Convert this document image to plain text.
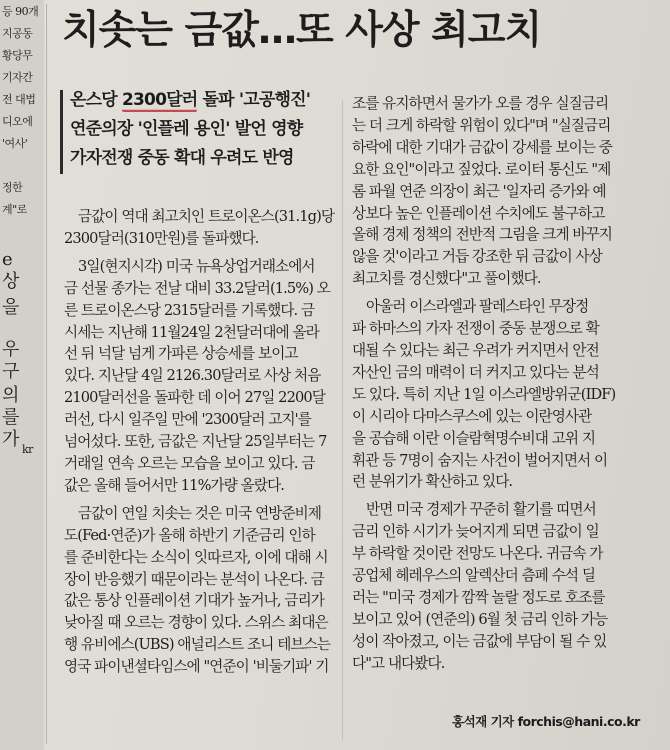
등 90개
지공동
황당무
기자간
전 대법
디오에
'여사'
정한
계"로
e
상
을
우
구
의
를
가 kr
치솟는 금값…또 사상 최고치
온스당 2300달러 돌파 '고공행진'
연준의장 '인플레 용인' 발언 영향
가자전쟁 중동 확대 우려도 반영
금값이 역대 최고치인 트로이온스(31.1g)당
2300달러(310만원)를 돌파했다.
3일(현지시각) 미국 뉴욕상업거래소에서
금 선물 종가는 전날 대비 33.2달러(1.5%) 오
른 트로이온스당 2315달러를 기록했다. 금
시세는 지난해 11월24일 2천달러대에 올라
선 뒤 넉달 넘게 가파른 상승세를 보이고
있다. 지난달 4일 2126.30달러로 사상 처음
2100달러선을 돌파한 데 이어 27일 2200달
러선, 다시 일주일 만에 '2300달러 고지'를
넘어섰다. 또한, 금값은 지난달 25일부터는 7
거래일 연속 오르는 모습을 보이고 있다. 금
값은 올해 들어서만 11%가량 올랐다.
금값이 연일 치솟는 것은 미국 연방준비제
도(Fed·연준)가 올해 하반기 기준금리 인하
를 준비한다는 소식이 잇따르자, 이에 대해 시
장이 반응했기 때문이라는 분석이 나온다. 금
값은 통상 인플레이션 기대가 높거나, 금리가
낮아질 때 오르는 경향이 있다. 스위스 최대은
행 유비에스(UBS) 애널리스트 조니 테브스는
영국 파이낸셜타임스에 "연준이 '비둘기파' 기
조를 유지하면서 물가가 오를 경우 실질금리
는 더 크게 하락할 위험이 있다"며 "실질금리
하락에 대한 기대가 금값이 강세를 보이는 중
요한 요인"이라고 짚었다. 로이터 통신도 "제
롬 파월 연준 의장이 최근 '일자리 증가와 예
상보다 높은 인플레이션 수치에도 불구하고
올해 경제 정책의 전반적 그림을 크게 바꾸지
않을 것'이라고 거듭 강조한 뒤 금값이 사상
최고치를 경신했다"고 풀이했다.
아울러 이스라엘과 팔레스타인 무장정
파 하마스의 가자 전쟁이 중동 분쟁으로 확
대될 수 있다는 최근 우려가 커지면서 안전
자산인 금의 매력이 더 커지고 있다는 분석
도 있다. 특히 지난 1일 이스라엘방위군(IDF)
이 시리아 다마스쿠스에 있는 이란영사관
을 공습해 이란 이슬람혁명수비대 고위 지
휘관 등 7명이 숨지는 사건이 벌어지면서 이
런 분위기가 확산하고 있다.
반면 미국 경제가 꾸준히 활기를 띠면서
금리 인하 시기가 늦어지게 되면 금값이 일
부 하락할 것이란 전망도 나온다. 귀금속 가
공업체 헤레우스의 알렉산더 츰페 수석 딜
러는 "미국 경제가 깜짝 놀랄 정도로 호조를
보이고 있어 (연준의) 6월 첫 금리 인하 가능
성이 작아졌고, 이는 금값에 부담이 될 수 있
다"고 내다봤다.
홍석재 기자 forchis@hani.co.kr
